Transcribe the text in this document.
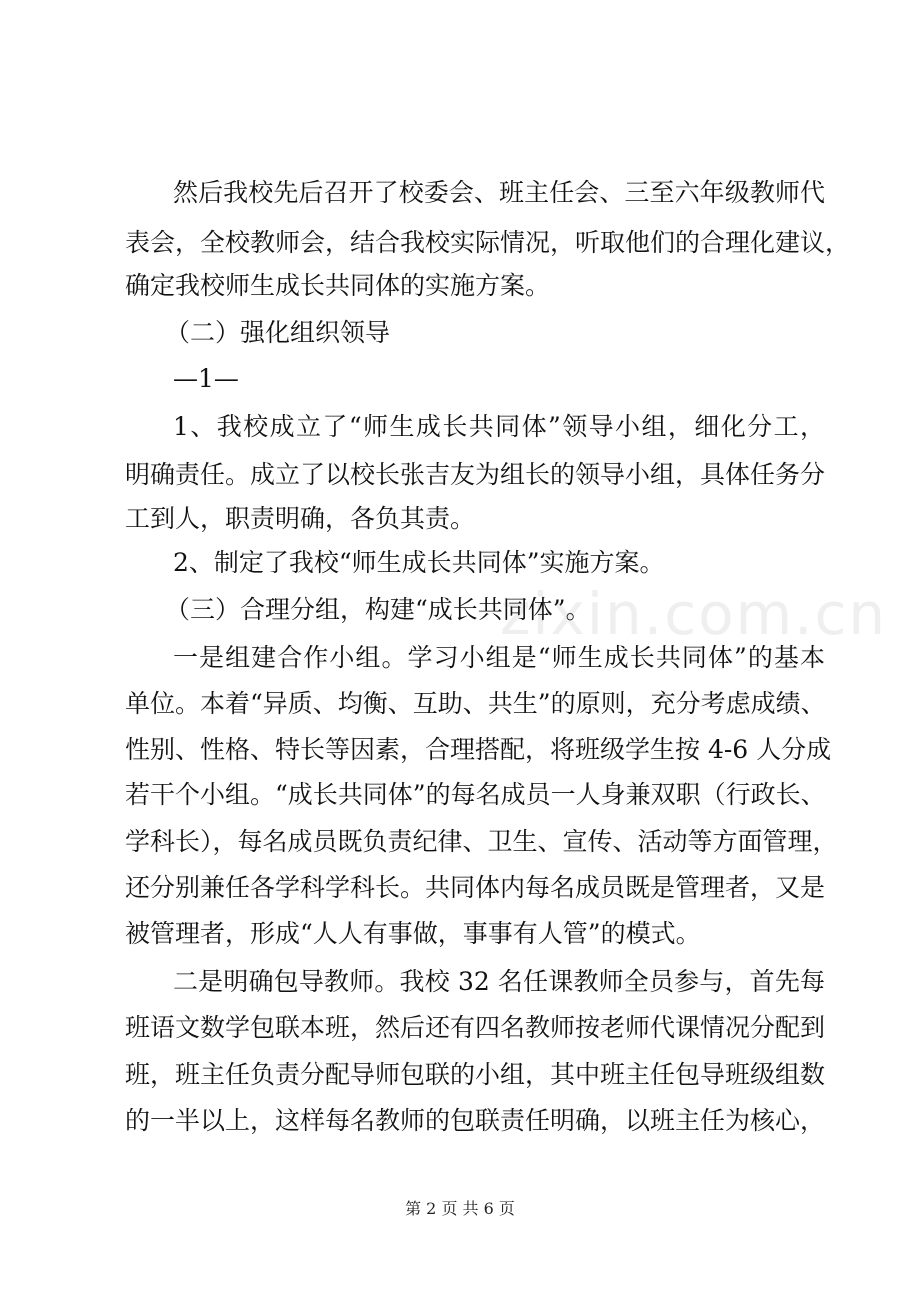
zixin.com.cn
然后我校先后召开了校委会、班主任会、三至六年级教师代
表会，全校教师会，结合我校实际情况，听取他们的合理化建议，
确定我校师生成长共同体的实施方案。
（二）强化组织领导
—1—
1、我校成立了“师生成长共同体”领导小组，细化分工，
明确责任。成立了以校长张吉友为组长的领导小组，具体任务分
工到人，职责明确，各负其责。
2、制定了我校“师生成长共同体”实施方案。
（三）合理分组，构建“成长共同体”。
一是组建合作小组。学习小组是“师生成长共同体”的基本
单位。本着“异质、均衡、互助、共生”的原则，充分考虑成绩、
性别、性格、特长等因素，合理搭配，将班级学生按 4-6 人分成
若干个小组。“成长共同体”的每名成员一人身兼双职（行政长、
学科长），每名成员既负责纪律、卫生、宣传、活动等方面管理，
还分别兼任各学科学科长。共同体内每名成员既是管理者，又是
被管理者，形成“人人有事做，事事有人管”的模式。
二是明确包导教师。我校 32 名任课教师全员参与，首先每
班语文数学包联本班，然后还有四名教师按老师代课情况分配到
班，班主任负责分配导师包联的小组，其中班主任包导班级组数
的一半以上，这样每名教师的包联责任明确，以班主任为核心，
第 2 页 共 6 页
